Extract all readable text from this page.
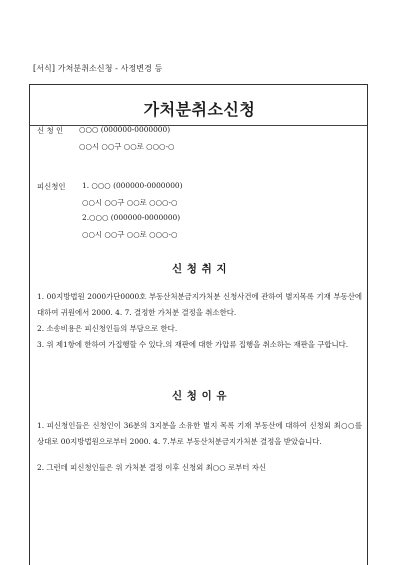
[서식] 가처분취소신청 - 사정변경 등
가처분취소신청
신 청 인 ○○○ (000000-0000000)
○○시 ○○구 ○○로 ○○○-○
피신청인 1. ○○○ (000000-0000000)
○○시 ○○구 ○○로 ○○○-○
2.○○○ (000000-0000000)
○○시 ○○구 ○○로 ○○○-○
신 청 취 지

1. 00지방법원 2000가단0000호 부동산처분금지가처분 신청사건에 관하여 별지목록 기재 부동산에 대하여 귀원에서 2000. 4. 7. 결정한 가처분 결정을 취소한다.

2. 소송비용은 피신청인들의 부담으로 한다.

3. 위 제1항에 한하여 가집행할 수 있다.의 재판에 대한 가압류 집행을 취소하는 재판을 구합니다.

신 청 이 유

1. 피신청인들은 신청인이 36분의 3지분을 소유한 별지 목록 기재 부동산에 대하여 신청외 최○○를 상대로 00지방법원으로부터 2000. 4. 7.부로 부동산처분금지가처분 결정을 받았습니다.

2. 그런데 피신청인들은 위 가처분 결정 이후 신청외 최○○ 로부터 자신
